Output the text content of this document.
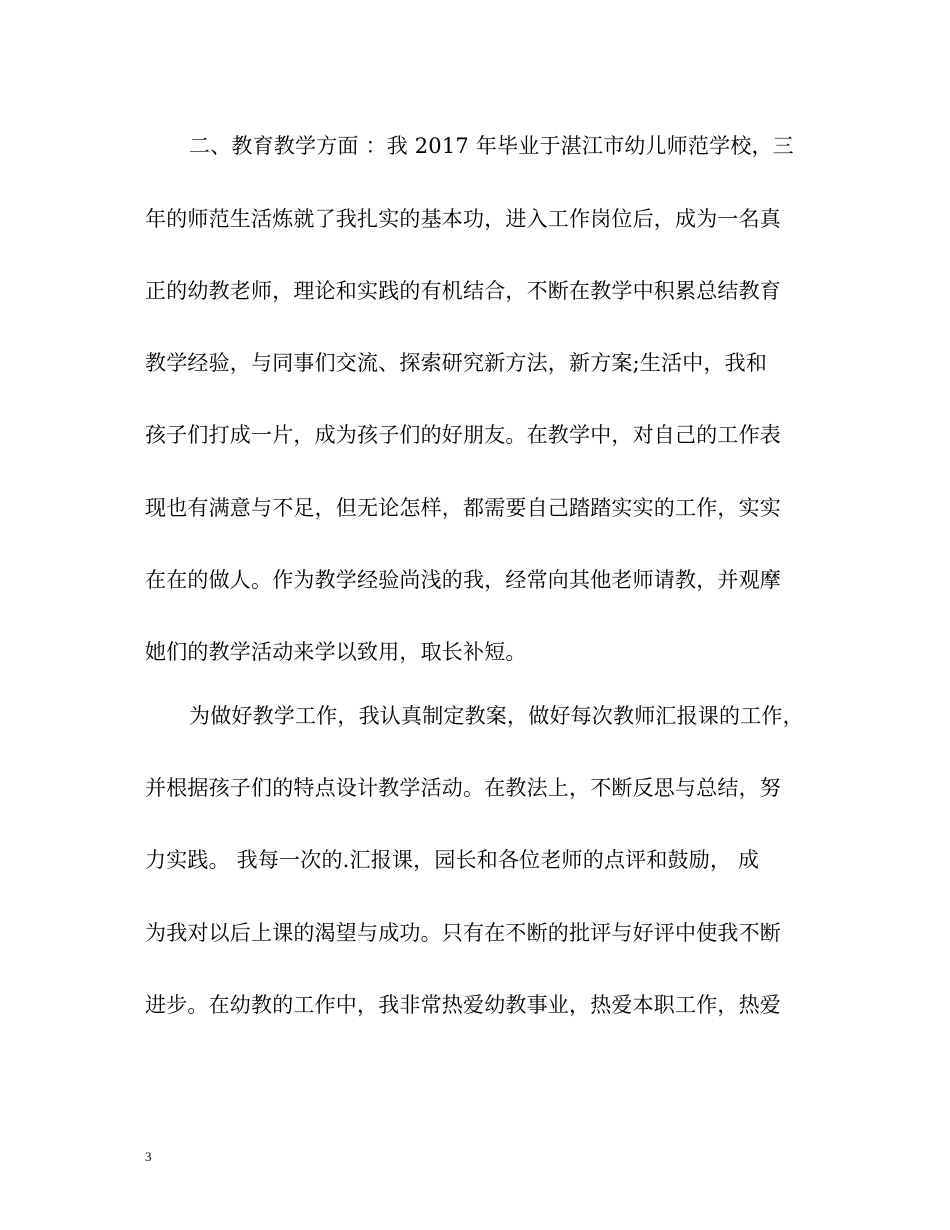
二、教育教学方面 ：我 2017 年毕业于湛江市幼儿师范学校，三
年的师范生活炼就了我扎实的基本功，进入工作岗位后，成为一名真
正的幼教老师，理论和实践的有机结合，不断在教学中积累总结教育
教学经验，与同事们交流、探索研究新方法，新方案;生活中，我和
孩子们打成一片，成为孩子们的好朋友。在教学中，对自己的工作表
现也有满意与不足，但无论怎样，都需要自己踏踏实实的工作，实实
在在的做人。作为教学经验尚浅的我，经常向其他老师请教，并观摩
她们的教学活动来学以致用，取长补短。
为做好教学工作，我认真制定教案，做好每次教师汇报课的工作，
并根据孩子们的特点设计教学活动。在教法上，不断反思与总结，努
力实践。 我每一次的.汇报课，园长和各位老师的点评和鼓励， 成
为我对以后上课的渴望与成功。只有在不断的批评与好评中使我不断
进步。在幼教的工作中，我非常热爱幼教事业，热爱本职工作，热爱
3
